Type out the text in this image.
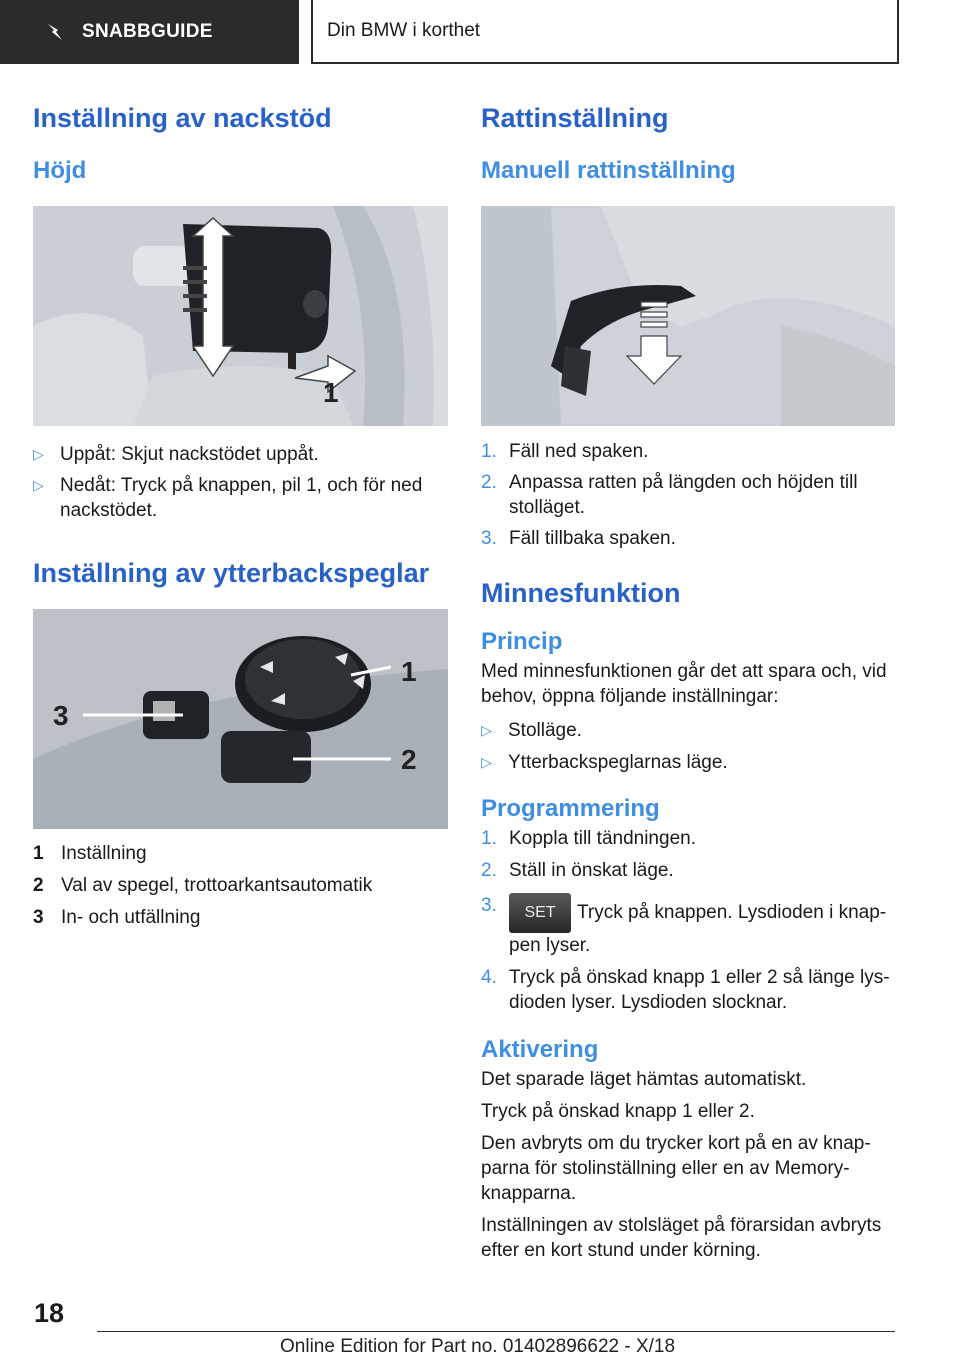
SNABBGUIDE	Din BMW i korthet
Inställning av nackstöd
Höjd
1
▷ Uppåt: Skjut nackstödet uppåt.
▷ Nedåt: Tryck på knappen, pil 1, och för ned nackstödet.
Inställning av ytterbackspeglar
1
2
3
1 Inställning
2 Val av spegel, trottoarkantsautomatik
3 In- och utfällning
Rattinställning
Manuell rattinställning
1. Fäll ned spaken.
2. Anpassa ratten på längden och höjden till stolläget.
3. Fäll tillbaka spaken.
Minnesfunktion
Princip

Med minnesfunktionen går det att spara och, vid behov, öppna följande inställningar:

▷ Stolläge.
▷ Ytterbackspeglarnas läge.
Programmering
1. Koppla till tändningen.
2. Ställ in önskat läge.
3. SET Tryck på knappen. Lysdioden i knappen lyser.
4. Tryck på önskad knapp 1 eller 2 så länge lysdioden lyser. Lysdioden slocknar.
Aktivering

Det sparade läget hämtas automatiskt.

Tryck på önskad knapp 1 eller 2.

Den avbryts om du trycker kort på en av knapparna för stolinställning eller en av Memory-knapparna.

Inställningen av stolsläget på förarsidan avbryts efter en kort stund under körning.

18
Online Edition for Part no. 01402896622 - X/18
